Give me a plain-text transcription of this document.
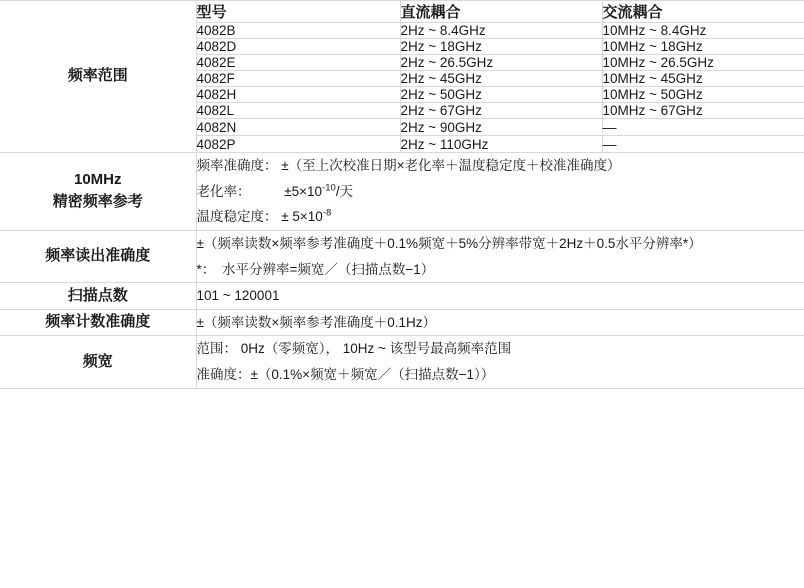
频率范围	型号	直流耦合	交流耦合
	4082B	2Hz ~ 8.4GHz	10MHz ~ 8.4GHz
	4082D	2Hz ~ 18GHz	10MHz ~ 18GHz
	4082E	2Hz ~ 26.5GHz	10MHz ~ 26.5GHz
	4082F	2Hz ~ 45GHz	10MHz ~ 45GHz
	4082H	2Hz ~ 50GHz	10MHz ~ 50GHz
	4082L	2Hz ~ 67GHz	10MHz ~ 67GHz
	4082N	2Hz ~ 90GHz	—
	4082P	2Hz ~ 110GHz	—

10MHz
精密频率参考	频率准确度： ±（至上次校准日期×老化率＋温度稳定度＋校准准确度）
老化率：　　　$\pm 5\times 10^{-10}/$天
温度稳定度： ± $5\times 10^{-8}$

频率读出准确度	±（频率读数×频率参考准确度＋0.1%频宽＋5%分辨率带宽＋2Hz＋0.5水平分辨率*）
*：　水平分辨率=频宽／（扫描点数−1）		

扫描点数	101 ~ 120001		
频率计数准确度	±（频率读数×频率参考准确度＋0.1Hz）		
频宽	范围： 0Hz（零频宽）， 10Hz ~ 该型号最高频率范围
准确度：±（0.1%×频宽＋频宽／（扫描点数−1））		
